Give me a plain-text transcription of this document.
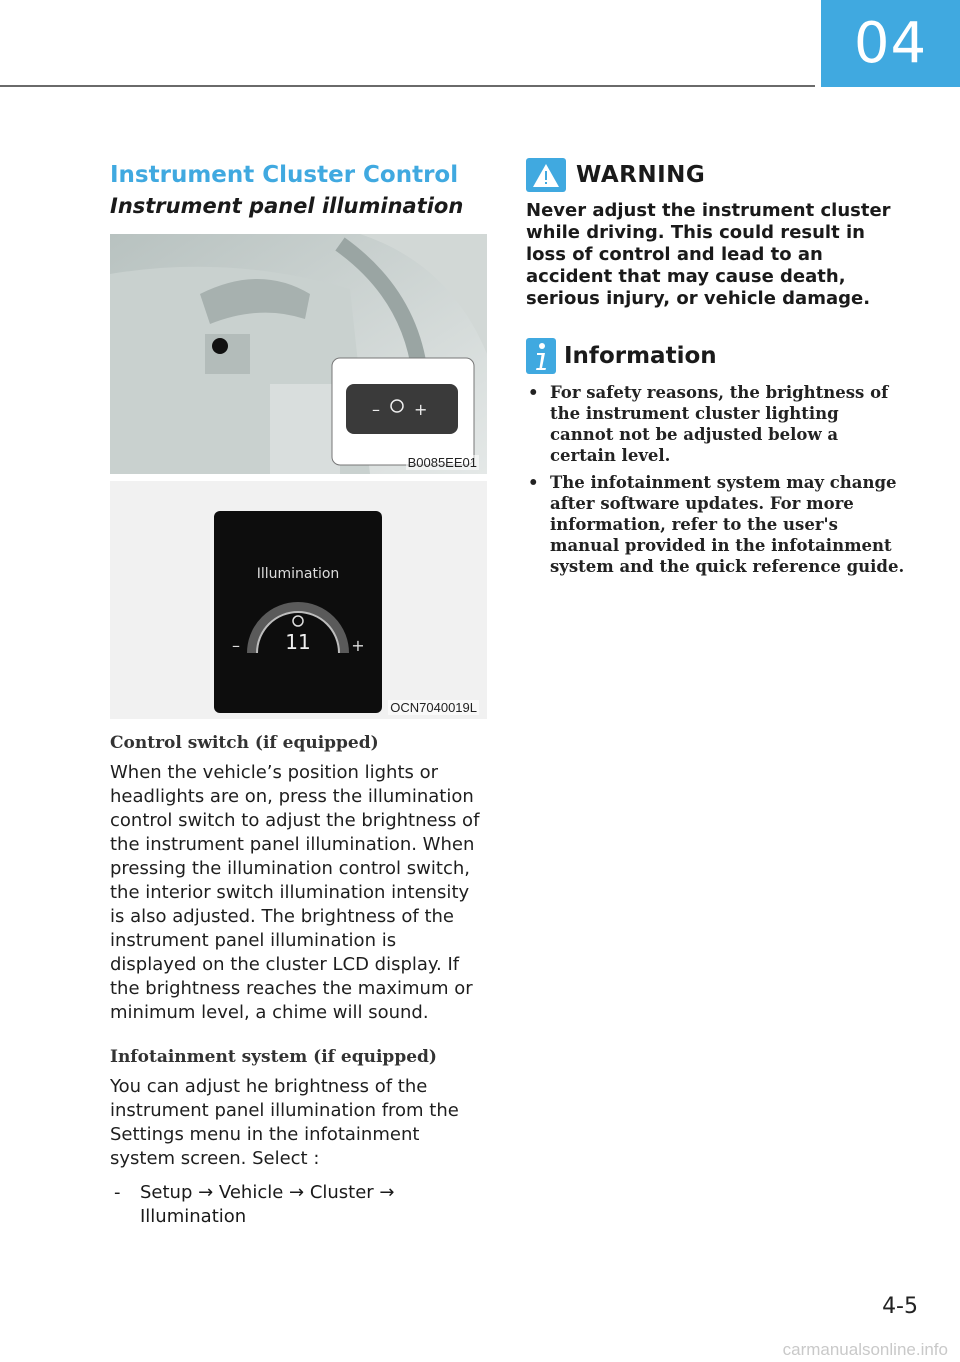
04
Instrument Cluster Control
Instrument panel illumination
– +
B0085EE01
Illumination
11
–	+
OCN7040019L
Control switch (if equipped)

When the vehicle’s position lights or headlights are on, press the illumination control switch to adjust the brightness of the instrument panel illumination. When pressing the illumination control switch, the interior switch illumination intensity is also adjusted. The brightness of the instrument panel illumination is displayed on the cluster LCD display. If the brightness reaches the maximum or minimum level, a chime will sound.

Infotainment system (if equipped)

You can adjust he brightness of the instrument panel illumination from the Settings menu in the infotainment system screen. Select :

-	Setup → Vehicle → Cluster → Illumination
WARNING

Never adjust the instrument cluster while driving. This could result in loss of control and lead to an accident that may cause death, serious injury, or vehicle damage.

Information
• For safety reasons, the brightness of the instrument cluster lighting cannot not be adjusted below a certain level.
• The infotainment system may change after software updates. For more information, refer to the user's manual provided in the infotainment system and the quick reference guide.
4-5
carmanualsonline.info
